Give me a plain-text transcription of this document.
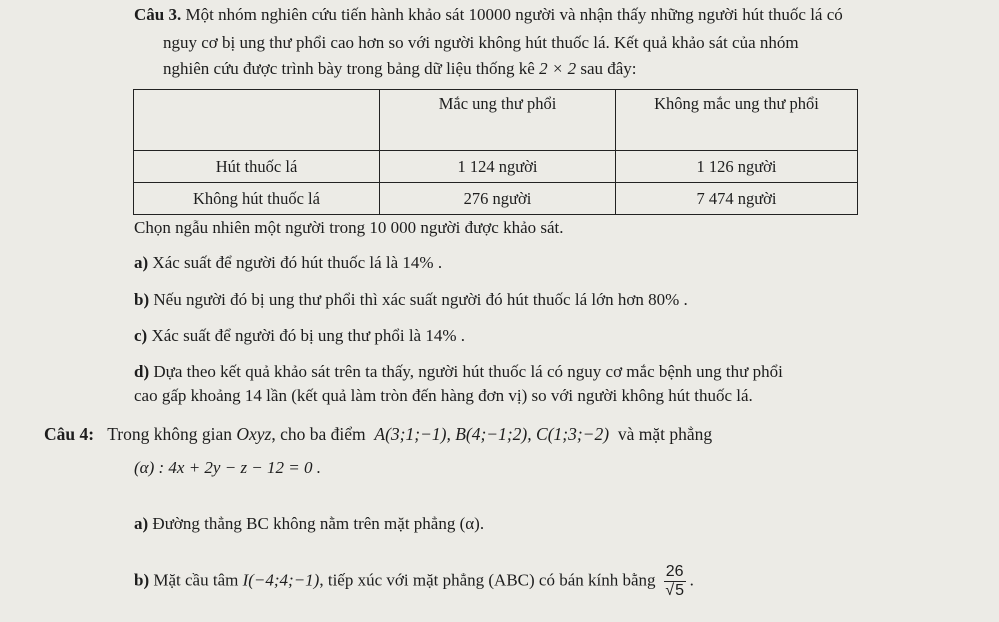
Câu 3. Một nhóm nghiên cứu tiến hành khảo sát 10000 người và nhận thấy những người hút thuốc lá có
nguy cơ bị ung thư phổi cao hơn so với người không hút thuốc lá. Kết quả khảo sát của nhóm
nghiên cứu được trình bày trong bảng dữ liệu thống kê 2 × 2 sau đây:
	Mắc ung thư phổi	Không mắc ung thư phổi
Hút thuốc lá	1 124 người	1 126 người
Không hút thuốc lá	276 người	7 474 người
Chọn ngẫu nhiên một người trong 10 000 người được khảo sát.
a) Xác suất để người đó hút thuốc lá là 14% .
b) Nếu người đó bị ung thư phổi thì xác suất người đó hút thuốc lá lớn hơn 80% .
c) Xác suất để người đó bị ung thư phổi là 14% .
d) Dựa theo kết quả khảo sát trên ta thấy, người hút thuốc lá có nguy cơ mắc bệnh ung thư phổi
cao gấp khoảng 14 lần (kết quả làm tròn đến hàng đơn vị) so với người không hút thuốc lá.
Câu 4: Trong không gian Oxyz, cho ba điểm A(3;1;−1), B(4;−1;2), C(1;3;−2) và mặt phẳng
(α) : 4x + 2y − z − 12 = 0 .
a) Đường thẳng BC không nằm trên mặt phẳng (α).
b) Mặt cầu tâm I(−4;4;−1), tiếp xúc với mặt phẳng (ABC) có bán kính bằng $\frac{26}{√5}$ .
